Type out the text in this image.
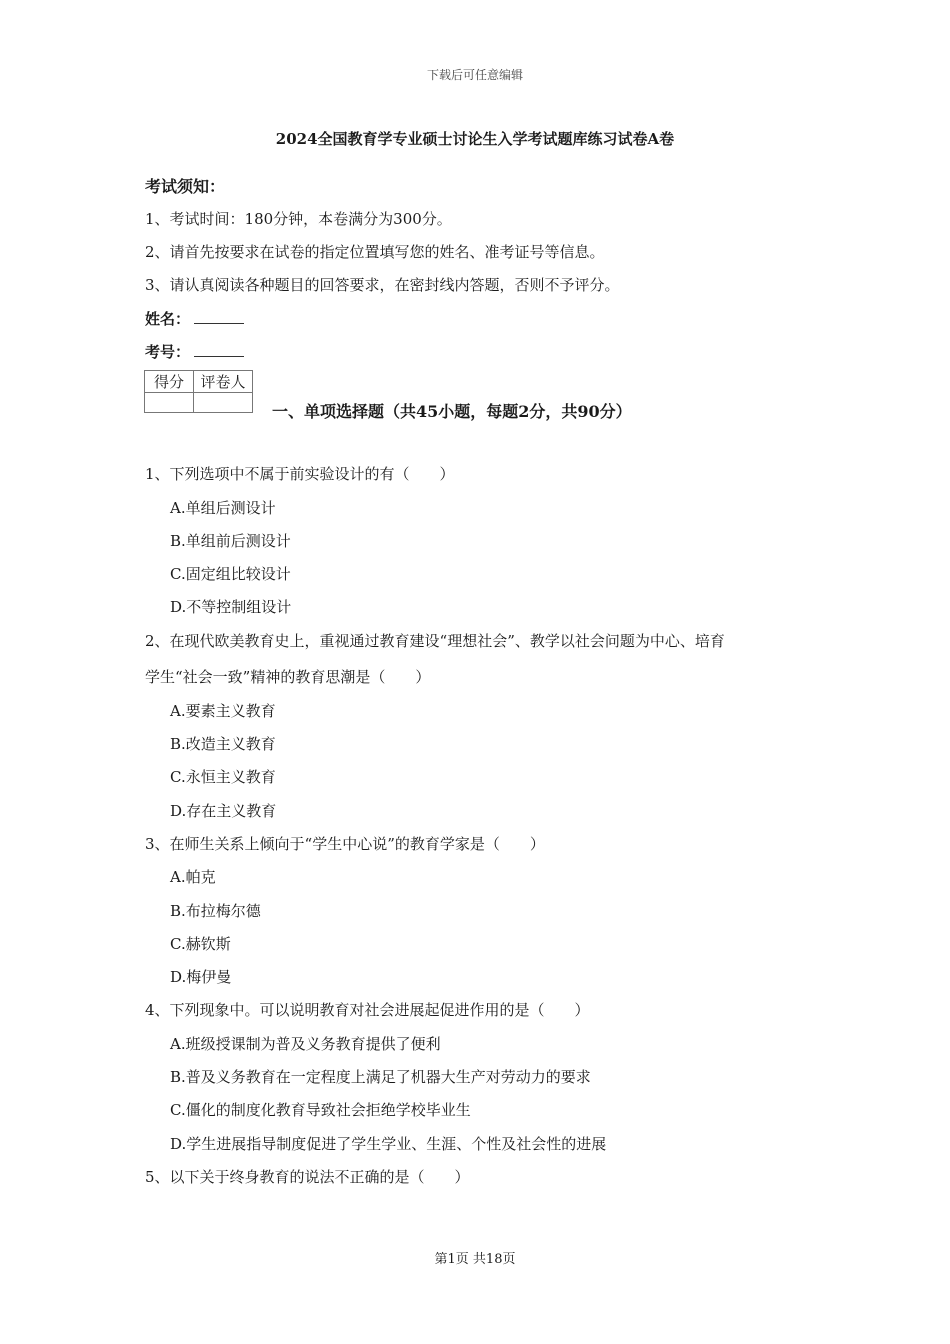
下载后可任意编辑
2024全国教育学专业硕士讨论生入学考试题库练习试卷A卷
考试须知：
1、考试时间：180分钟，本卷满分为300分。
2、请首先按要求在试卷的指定位置填写您的姓名、准考证号等信息。
3、请认真阅读各种题目的回答要求，在密封线内答题，否则不予评分。
姓名：
考号：
得分	评卷人

一、单项选择题（共45小题，每题2分，共90分）
1、下列选项中不属于前实验设计的有（　　）
A.单组后测设计
B.单组前后测设计
C.固定组比较设计
D.不等控制组设计
2、在现代欧美教育史上，重视通过教育建设“理想社会”、教学以社会问题为中心、培育
学生“社会一致”精神的教育思潮是（　　）
A.要素主义教育
B.改造主义教育
C.永恒主义教育
D.存在主义教育
3、在师生关系上倾向于“学生中心说”的教育学家是（　　）
A.帕克
B.布拉梅尔德
C.赫钦斯
D.梅伊曼
4、下列现象中。可以说明教育对社会进展起促进作用的是（　　）
A.班级授课制为普及义务教育提供了便利
B.普及义务教育在一定程度上满足了机器大生产对劳动力的要求
C.僵化的制度化教育导致社会拒绝学校毕业生
D.学生进展指导制度促进了学生学业、生涯、个性及社会性的进展
5、以下关于终身教育的说法不正确的是（　　）
第1页 共18页
